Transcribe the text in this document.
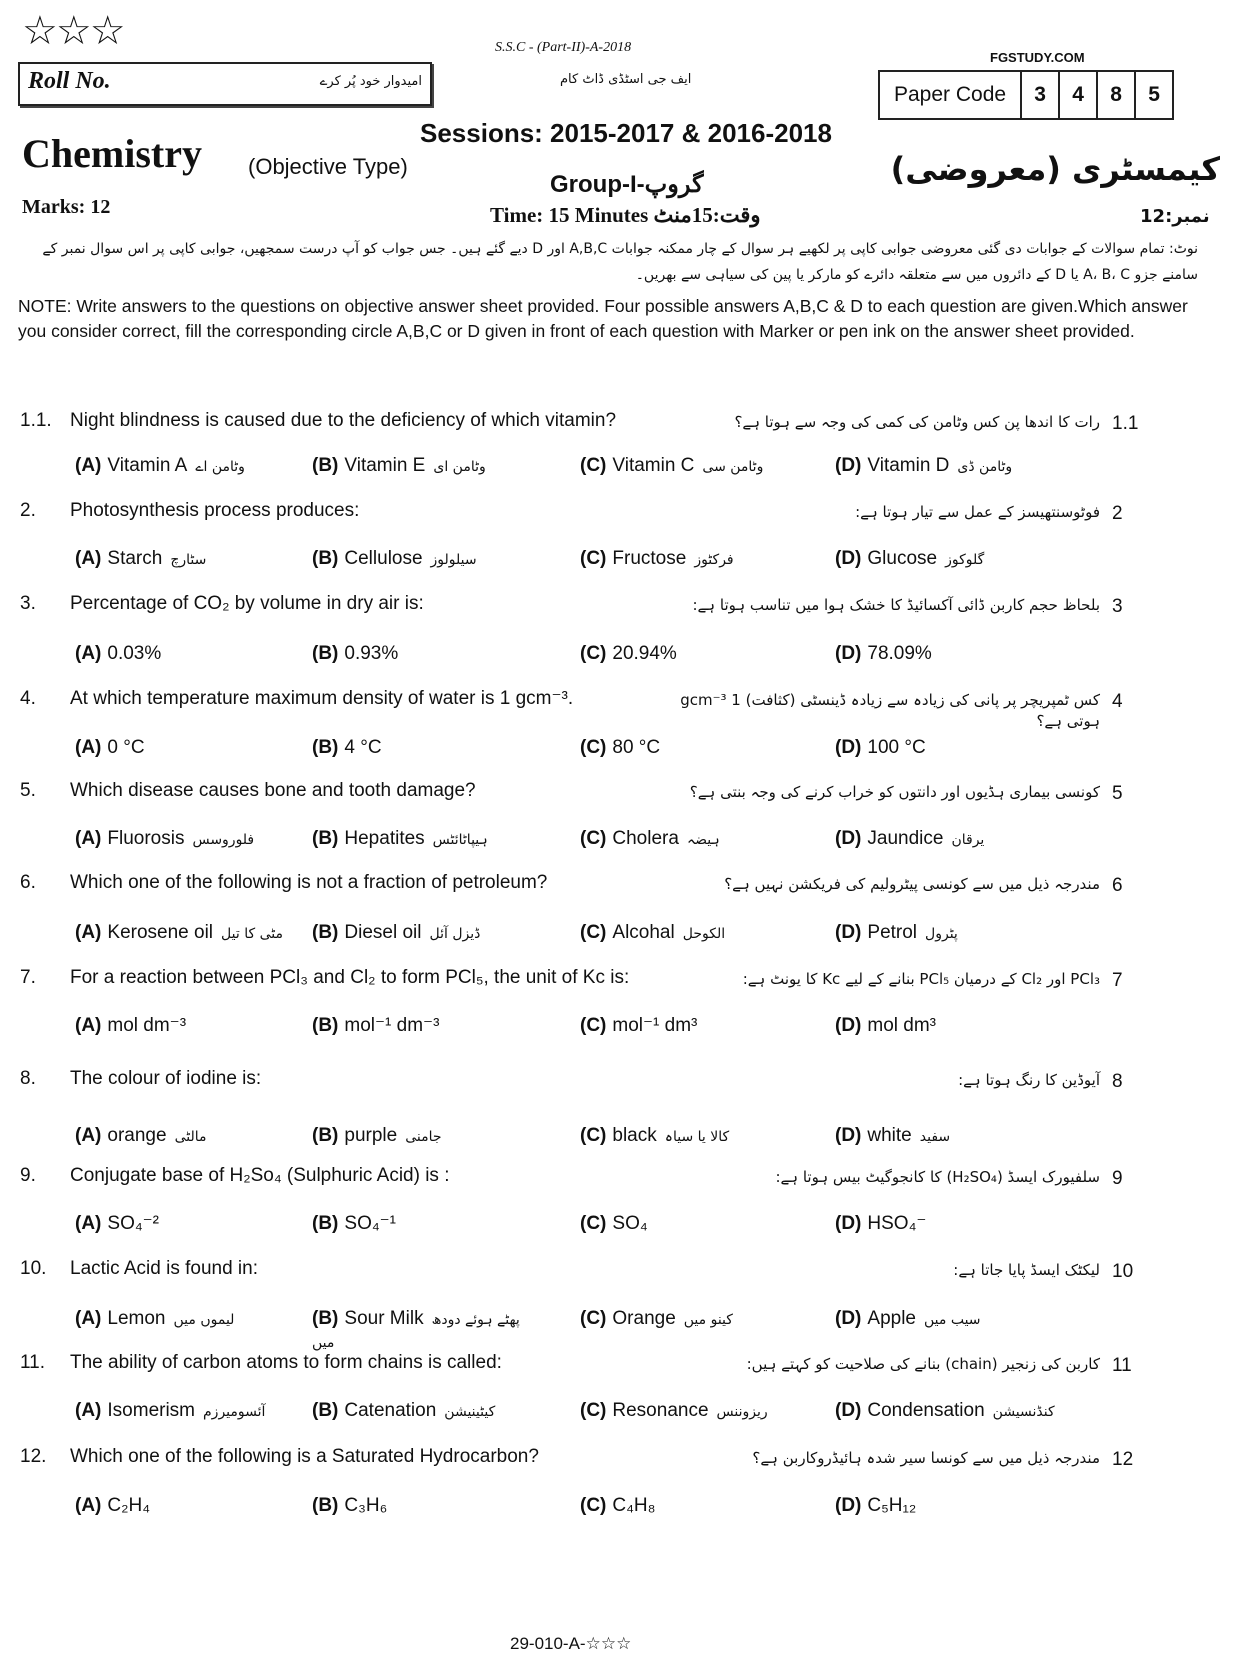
☆☆☆
Roll No.	امیدوار خود پُر کرے
S.S.C - (Part-II)-A-2018
ایف جی اسٹڈی ڈاٹ کام
FGSTUDY.COM
Paper Code	3	4	8	5
Sessions: 2015-2017 & 2016-2018
Chemistry (Objective Type)	کیمسٹری (معروضی)
Group-I-گروپ
Marks: 12	Time: 15 Minutes وقت:15منٹ	نمبر:12
نوٹ: تمام سوالات کے جوابات دی گئی معروضی جوابی کاپی پر لکھیے ہر سوال کے چار ممکنہ جوابات A,B,C اور D دیے گئے ہیں۔ جس جواب کو آپ درست سمجھیں، جوابی کاپی پر اس سوال نمبر کے سامنے جزو A، B، C یا D کے دائروں میں سے متعلقہ دائرے کو مارکر یا پین کی سیاہی سے بھریں۔
NOTE: Write answers to the questions on objective answer sheet provided. Four possible answers A,B,C & D to each question are given.Which answer you consider correct, fill the corresponding circle A,B,C or D given in front of each question with Marker or pen ink on the answer sheet provided.
1.1. Night blindness is caused due to the deficiency of which vitamin?	رات کا اندھا پن کس وٹامن کی کمی کی وجہ سے ہوتا ہے؟ 1.1
(A) Vitamin A وٹامن اے	(B) Vitamin E وٹامن ای	(C) Vitamin C وٹامن سی	(D) Vitamin D وٹامن ڈی
2. Photosynthesis process produces:	فوٹوسنتھیسز کے عمل سے تیار ہوتا ہے: 2
(A) Starch سٹارچ	(B) Cellulose سیلولوز	(C) Fructose فرکٹوز	(D) Glucose گلوکوز
3. Percentage of CO₂ by volume in dry air is:	بلحاظ حجم کاربن ڈائی آکسائیڈ کا خشک ہوا میں تناسب ہوتا ہے: 3
(A) 0.03%	(B) 0.93%	(C) 20.94%	(D) 78.09%
4. At which temperature maximum density of water is 1 gcm⁻³.	کس ٹمپریچر پر پانی کی زیادہ سے زیادہ ڈینسٹی (کثافت) 1 gcm⁻³ ہوتی ہے؟
4
(A) 0 °C	(B) 4 °C	(C) 80 °C	(D) 100 °C
5. Which disease causes bone and tooth damage?	کونسی بیماری ہڈیوں اور دانتوں کو خراب کرنے کی وجہ بنتی ہے؟ 5
(A) Fluorosis فلوروسس	(B) Hepatites ہیپاٹائٹس	(C) Cholera ہیضہ	(D) Jaundice یرقان
6. Which one of the following is not a fraction of petroleum?	مندرجہ ذیل میں سے کونسی پیٹرولیم کی فریکشن نہیں ہے؟ 6
(A) Kerosene oil مٹی کا تیل	(B) Diesel oil ڈیزل آئل	(C) Alcohal الکوحل	(D) Petrol پٹرول
7. For a reaction between PCl₃ and Cl₂ to form PCl₅, the unit of Kc is:	PCl₃ اور Cl₂ کے درمیان PCl₅ بنانے کے لیے Kc کا یونٹ ہے: 7
(A) mol dm⁻³	(B) mol⁻¹ dm⁻³	(C) mol⁻¹ dm³	(D) mol dm³
8. The colour of iodine is:	آیوڈین کا رنگ ہوتا ہے: 8
(A) orange مالٹی	(B) purple جامنی	(C) black کالا یا سیاہ	(D) white سفید
9. Conjugate base of H₂So₄ (Sulphuric Acid) is :	سلفیورک ایسڈ (H₂SO₄) کا کانجوگیٹ بیس ہوتا ہے: 9
(A) SO₄⁻²	(B) SO₄⁻¹	(C) SO₄	(D) HSO₄⁻
10. Lactic Acid is found in:	لیکٹک ایسڈ پایا جاتا ہے: 10
(A) Lemon لیموں میں	(B) Sour Milk پھٹے ہوئے دودھ میں
(C) Orange کینو میں	(D) Apple سیب میں
11. The ability of carbon atoms to form chains is called:	کاربن کی زنجیر (chain) بنانے کی صلاحیت کو کہتے ہیں: 11
(A) Isomerism آئسومیرزم	(B) Catenation کیٹینیشن	(C) Resonance ریزوننس	(D) Condensation کنڈنسیشن
12. Which one of the following is a Saturated Hydrocarbon?	مندرجہ ذیل میں سے کونسا سیر شدہ ہائیڈروکاربن ہے؟ 12
(A) C₂H₄	(B) C₃H₆	(C) C₄H₈	(D) C₅H₁₂
29-010-A-☆☆☆
